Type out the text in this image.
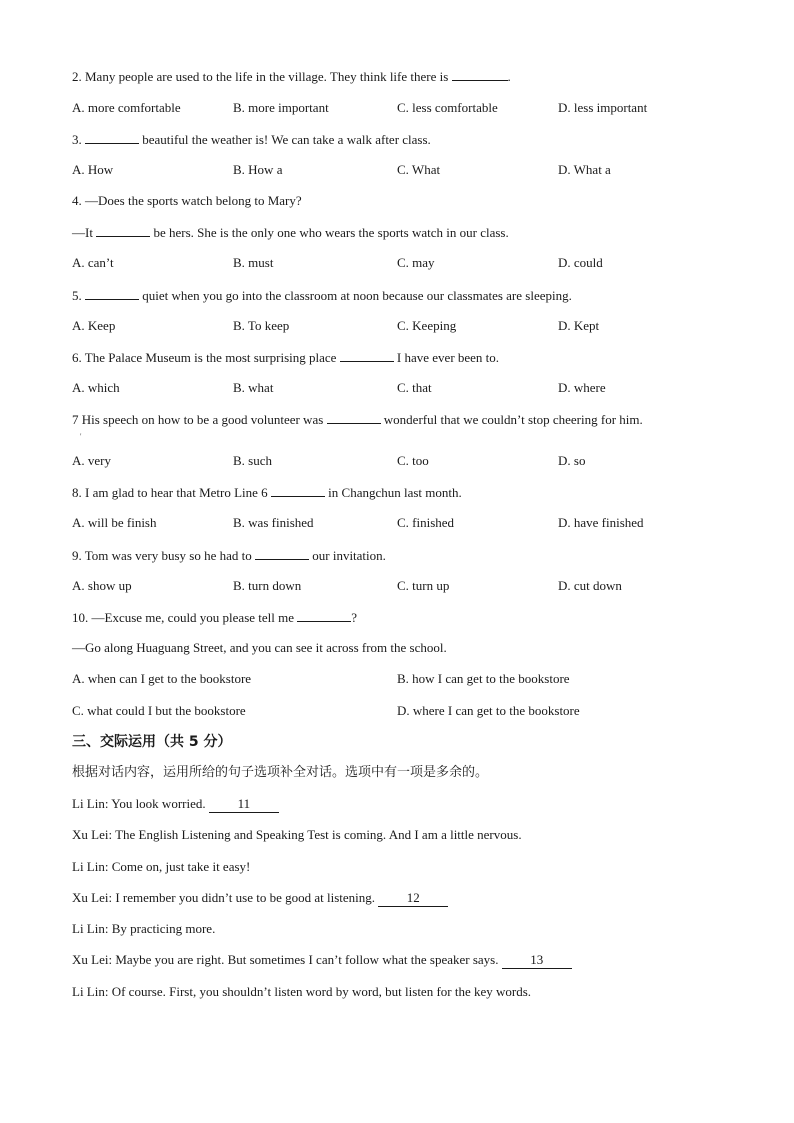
2. Many people are used to the life in the village. They think life there is	.
A. more comfortable	B. more important	C. less comfortable	D. less important
3.	beautiful the weather is! We can take a walk after class.
A. How	B. How a	C. What	D. What a
4. —Does the sports watch belong to Mary?
—It	be hers. She is the only one who wears the sports watch in our class.
A. can’t	B. must	C. may	D. could
5.	quiet when you go into the classroom at noon because our classmates are sleeping.
A. Keep	B. To keep	C. Keeping	D. Kept
6. The Palace Museum is the most surprising place	I have ever been to.
A. which	B. what	C. that	D. where
7 His speech on how to be a good volunteer was	wonderful that we couldn’t stop cheering for him.
'
A. very	B. such	C. too	D. so
8. I am glad to hear that Metro Line 6	in Changchun last month.
A. will be finish	B. was finished	C. finished	D. have finished
9. Tom was very busy so he had to	our invitation.
A. show up	B. turn down	C. turn up	D. cut down
10. —Excuse me, could you please tell me	?
—Go along Huaguang Street, and you can see it across from the school.
A. when can I get to the bookstore	B. how I can get to the bookstore
C. what could I but the bookstore	D. where I can get to the bookstore
三、交际运用（共 5 分）
根据对话内容，运用所给的句子选项补全对话。选项中有一项是多余的。
Li Lin: You look worried. 11
Xu Lei: The English Listening and Speaking Test is coming. And I am a little nervous.
Li Lin: Come on, just take it easy!
Xu Lei: I remember you didn’t use to be good at listening. 12
Li Lin: By practicing more.
Xu Lei: Maybe you are right. But sometimes I can’t follow what the speaker says. 13
Li Lin: Of course. First, you shouldn’t listen word by word, but listen for the key words.
